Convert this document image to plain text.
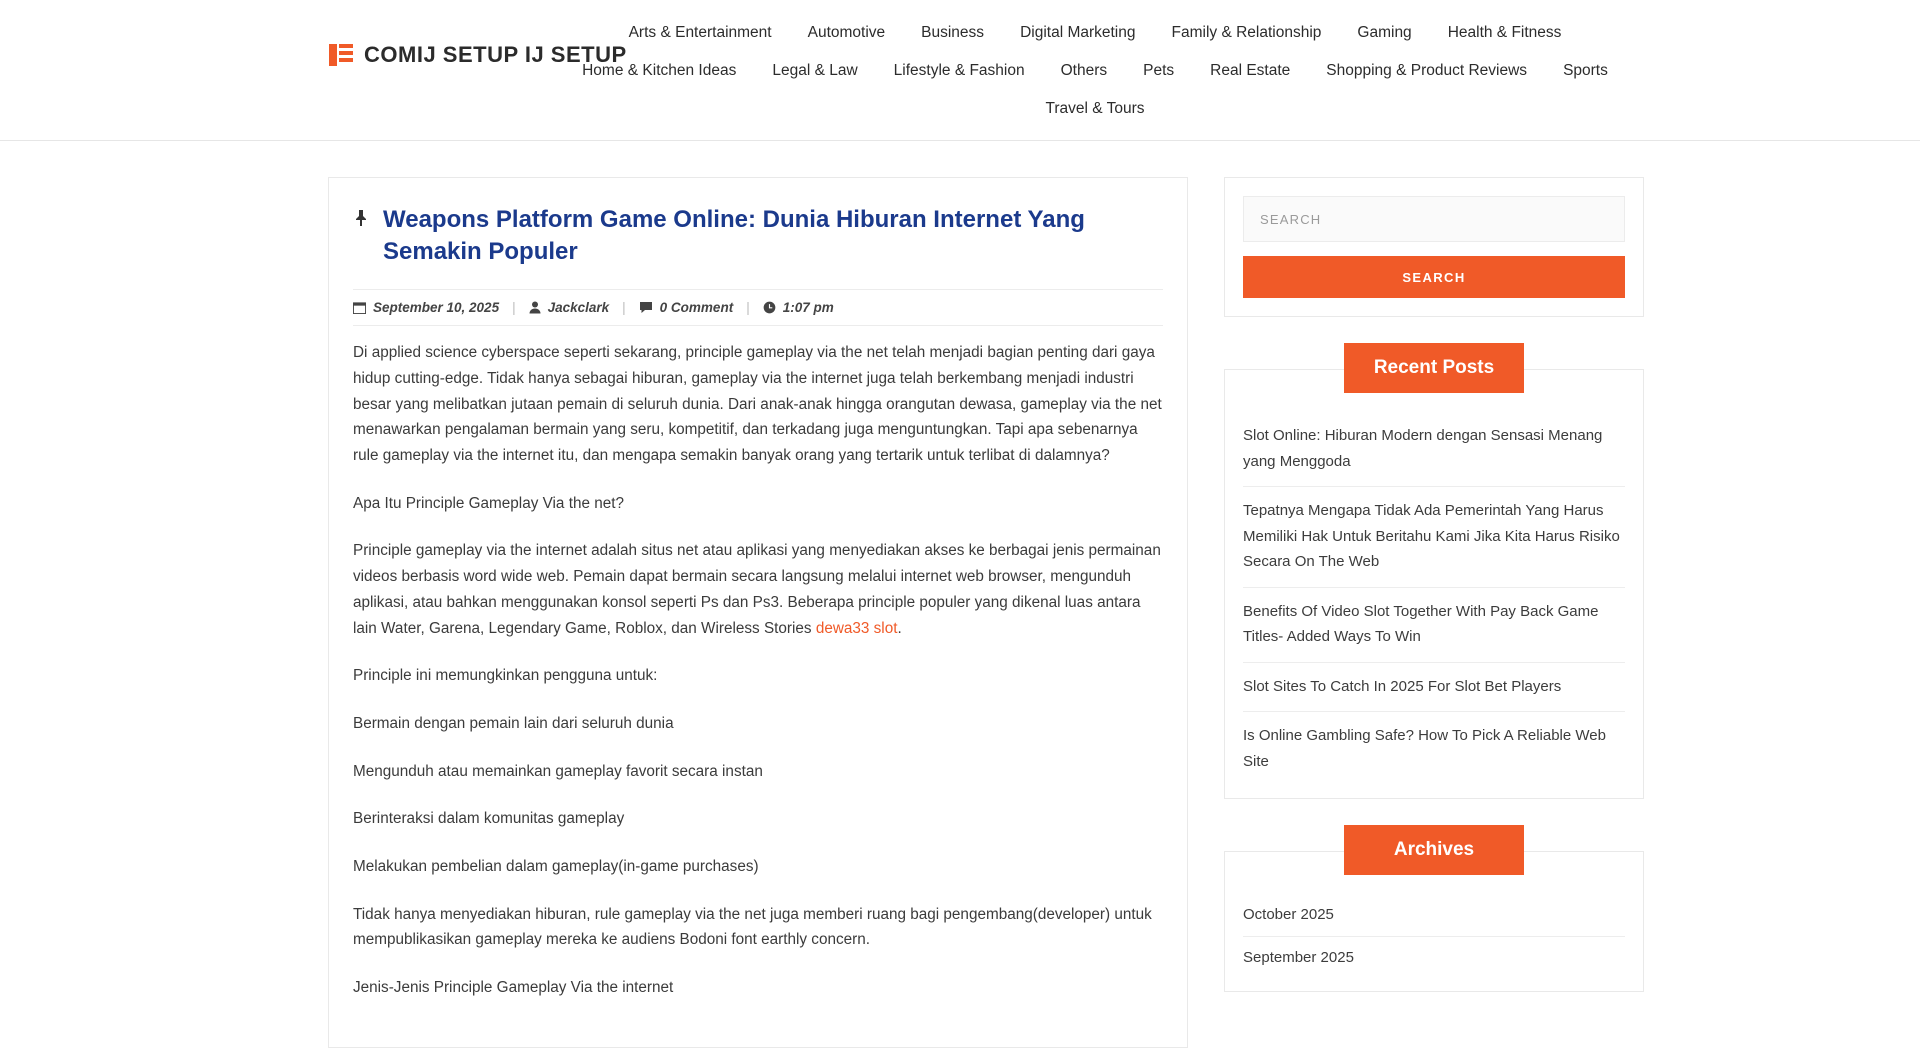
COMIJ SETUP IJ SETUP
Arts & Entertainment	Automotive	Business	Digital Marketing	Family & Relationship	Gaming	Health & Fitness
Home & Kitchen Ideas	Legal & Law	Lifestyle & Fashion	Others	Pets	Real Estate	Shopping & Product Reviews	Sports
Travel & Tours
Weapons Platform Game Online: Dunia Hiburan Internet Yang Semakin Populer
September 10, 2025 |	Jackclark |	0 Comment |	1:07 pm

Di applied science cyberspace seperti sekarang, principle gameplay via the net telah menjadi bagian penting dari gaya hidup cutting-edge. Tidak hanya sebagai hiburan, gameplay via the internet juga telah berkembang menjadi industri besar yang melibatkan jutaan pemain di seluruh dunia. Dari anak-anak hingga orangutan dewasa, gameplay via the net menawarkan pengalaman bermain yang seru, kompetitif, dan terkadang juga menguntungkan. Tapi apa sebenarnya rule gameplay via the internet itu, dan mengapa semakin banyak orang yang tertarik untuk terlibat di dalamnya?

Apa Itu Principle Gameplay Via the net?

Principle gameplay via the internet adalah situs net atau aplikasi yang menyediakan akses ke berbagai jenis permainan videos berbasis word wide web. Pemain dapat bermain secara langsung melalui internet web browser, mengunduh aplikasi, atau bahkan menggunakan konsol seperti Ps dan Ps3. Beberapa principle populer yang dikenal luas antara lain Water, Garena, Legendary Game, Roblox, dan Wireless Stories dewa33 slot.

Principle ini memungkinkan pengguna untuk:

Bermain dengan pemain lain dari seluruh dunia

Mengunduh atau memainkan gameplay favorit secara instan

Berinteraksi dalam komunitas gameplay

Melakukan pembelian dalam gameplay(in-game purchases)

Tidak hanya menyediakan hiburan, rule gameplay via the net juga memberi ruang bagi pengembang(developer) untuk mempublikasikan gameplay mereka ke audiens Bodoni font earthly concern.

Jenis-Jenis Principle Gameplay Via the internet

SEARCH SEARCH
Recent Posts
Slot Online: Hiburan Modern dengan Sensasi Menang yang Menggoda
Tepatnya Mengapa Tidak Ada Pemerintah Yang Harus Memiliki Hak Untuk Beritahu Kami Jika Kita Harus Risiko Secara On The Web
Benefits Of Video Slot Together With Pay Back Game Titles- Added Ways To Win
Slot Sites To Catch In 2025 For Slot Bet Players
Is Online Gambling Safe? How To Pick A Reliable Web Site
Archives
October 2025
September 2025
